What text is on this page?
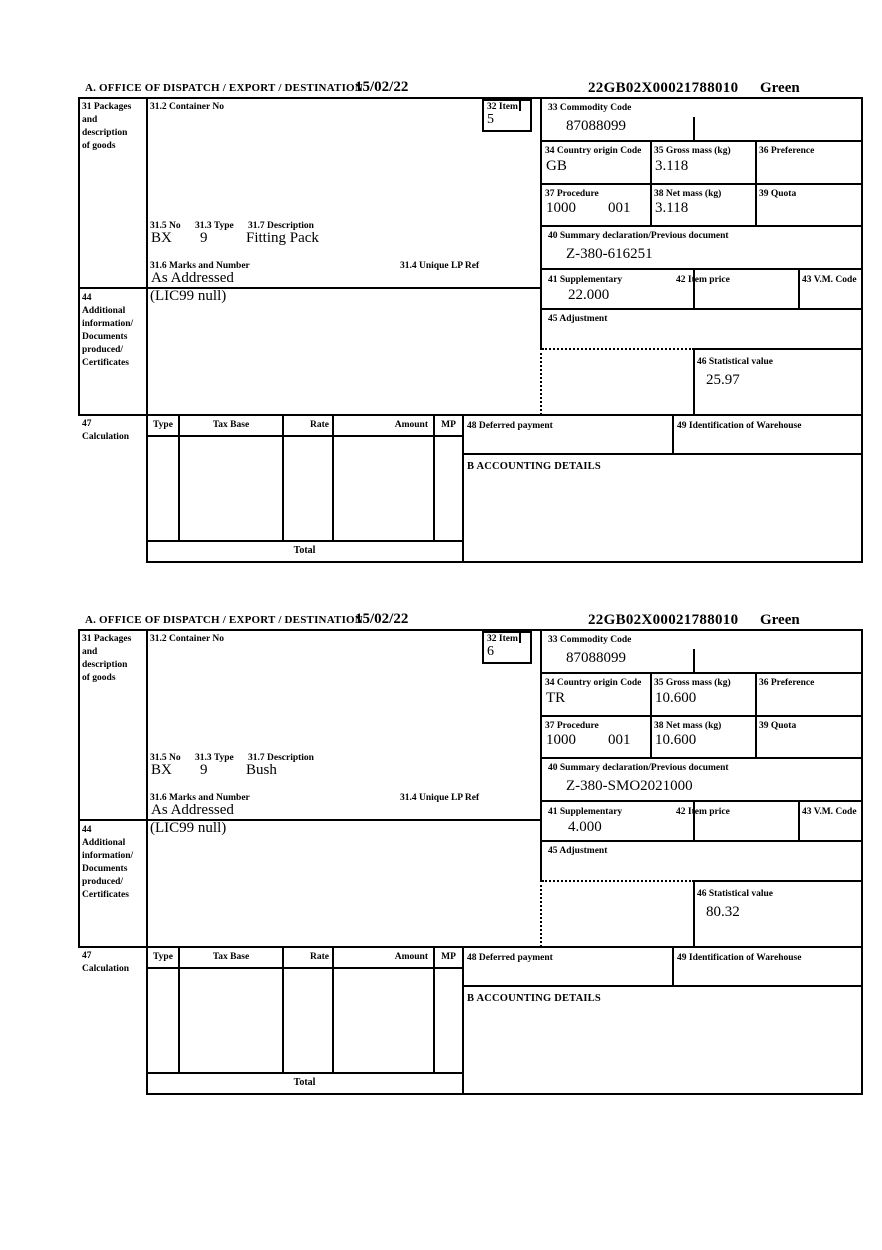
A. OFFICE OF DISPATCH / EXPORT / DESTINATION
15/02/22	22GB02X00021788010 Green
31 Packages and description of goods
31.2 Container No	32 Item
5
31.5 No 31.3 Type 31.7 Description
BX 9	Fitting Pack
31.6 Marks and Number	31.4 Unique LP Ref
As Addressed
44 Additional information/ Documents produced/ Certificates
(LIC99 null)
33 Commodity Code
87088099
34 Country origin Code
GB
35 Gross mass (kg)
3.118
36 Preference
37 Procedure
1000 001
38 Net mass (kg)
3.118
39 Quota
40 Summary declaration/Previous document
Z-380-616251
41 Supplementary
22.000
42 Item price	43 V.M. Code
45 Adjustment
46 Statistical value
25.97
47 Calculation
Type	Tax Base	Rate	Amount	MP
Total
48 Deferred payment	49 Identification of Warehouse
B ACCOUNTING DETAILS
A. OFFICE OF DISPATCH / EXPORT / DESTINATION
15/02/22	22GB02X00021788010 Green
31 Packages and description of goods
31.2 Container No	32 Item
6
31.5 No 31.3 Type 31.7 Description
BX 9	Bush
31.6 Marks and Number	31.4 Unique LP Ref
As Addressed
44 Additional information/ Documents produced/ Certificates
(LIC99 null)
33 Commodity Code
87088099
34 Country origin Code
TR
35 Gross mass (kg)
10.600
36 Preference
37 Procedure
1000 001
38 Net mass (kg)
10.600
39 Quota
40 Summary declaration/Previous document
Z-380-SMO2021000
41 Supplementary
4.000
42 Item price	43 V.M. Code
45 Adjustment
46 Statistical value
80.32
47 Calculation
Type	Tax Base	Rate	Amount	MP
Total
48 Deferred payment	49 Identification of Warehouse
B ACCOUNTING DETAILS
